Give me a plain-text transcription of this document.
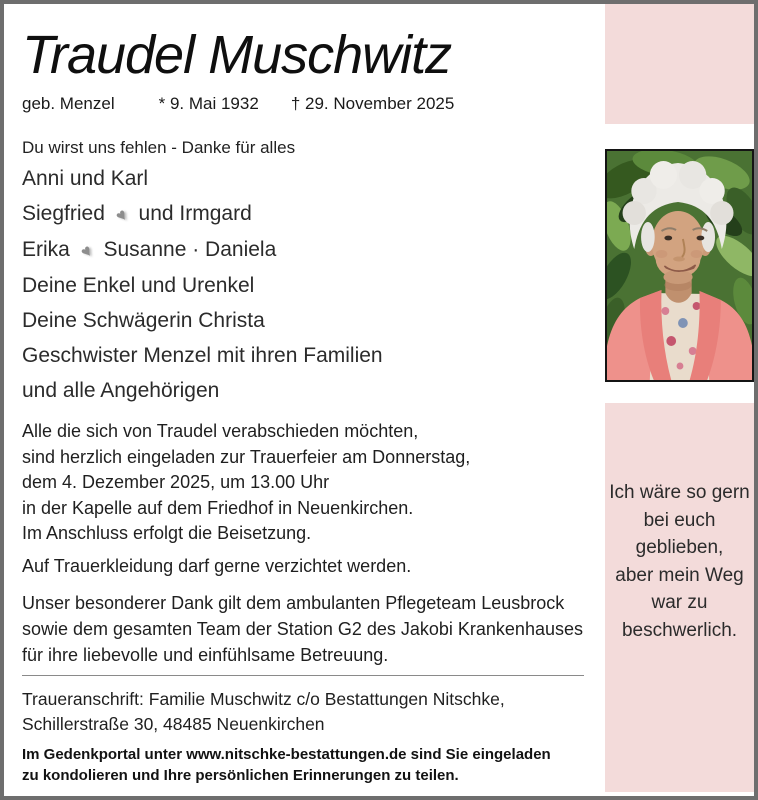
Traudel Muschwitz
geb. Menzel	* 9. Mai 1932 † 29. November 2025
Du wirst uns fehlen - Danke für alles
Anni und Karl
Siegfried ♥ und Irmgard
Erika ♥ Susanne · Daniela
Deine Enkel und Urenkel
Deine Schwägerin Christa
Geschwister Menzel mit ihren Familien
und alle Angehörigen
Alle die sich von Traudel verabschieden möchten,
sind herzlich eingeladen zur Trauerfeier am Donnerstag,
dem 4. Dezember 2025, um 13.00 Uhr
in der Kapelle auf dem Friedhof in Neuenkirchen.
Im Anschluss erfolgt die Beisetzung.
Auf Trauerkleidung darf gerne verzichtet werden.
Unser besonderer Dank gilt dem ambulanten Pflegeteam Leusbrock
sowie dem gesamten Team der Station G2 des Jakobi Krankenhauses
für ihre liebevolle und einfühlsame Betreuung.
Traueranschrift: Familie Muschwitz c/o Bestattungen Nitschke,
Schillerstraße 30, 48485 Neuenkirchen
Im Gedenkportal unter www.nitschke-bestattungen.de sind Sie eingeladen
zu kondolieren und Ihre persönlichen Erinnerungen zu teilen.
Ich wäre so gern
bei euch
geblieben,
aber mein Weg
war zu
beschwerlich.
